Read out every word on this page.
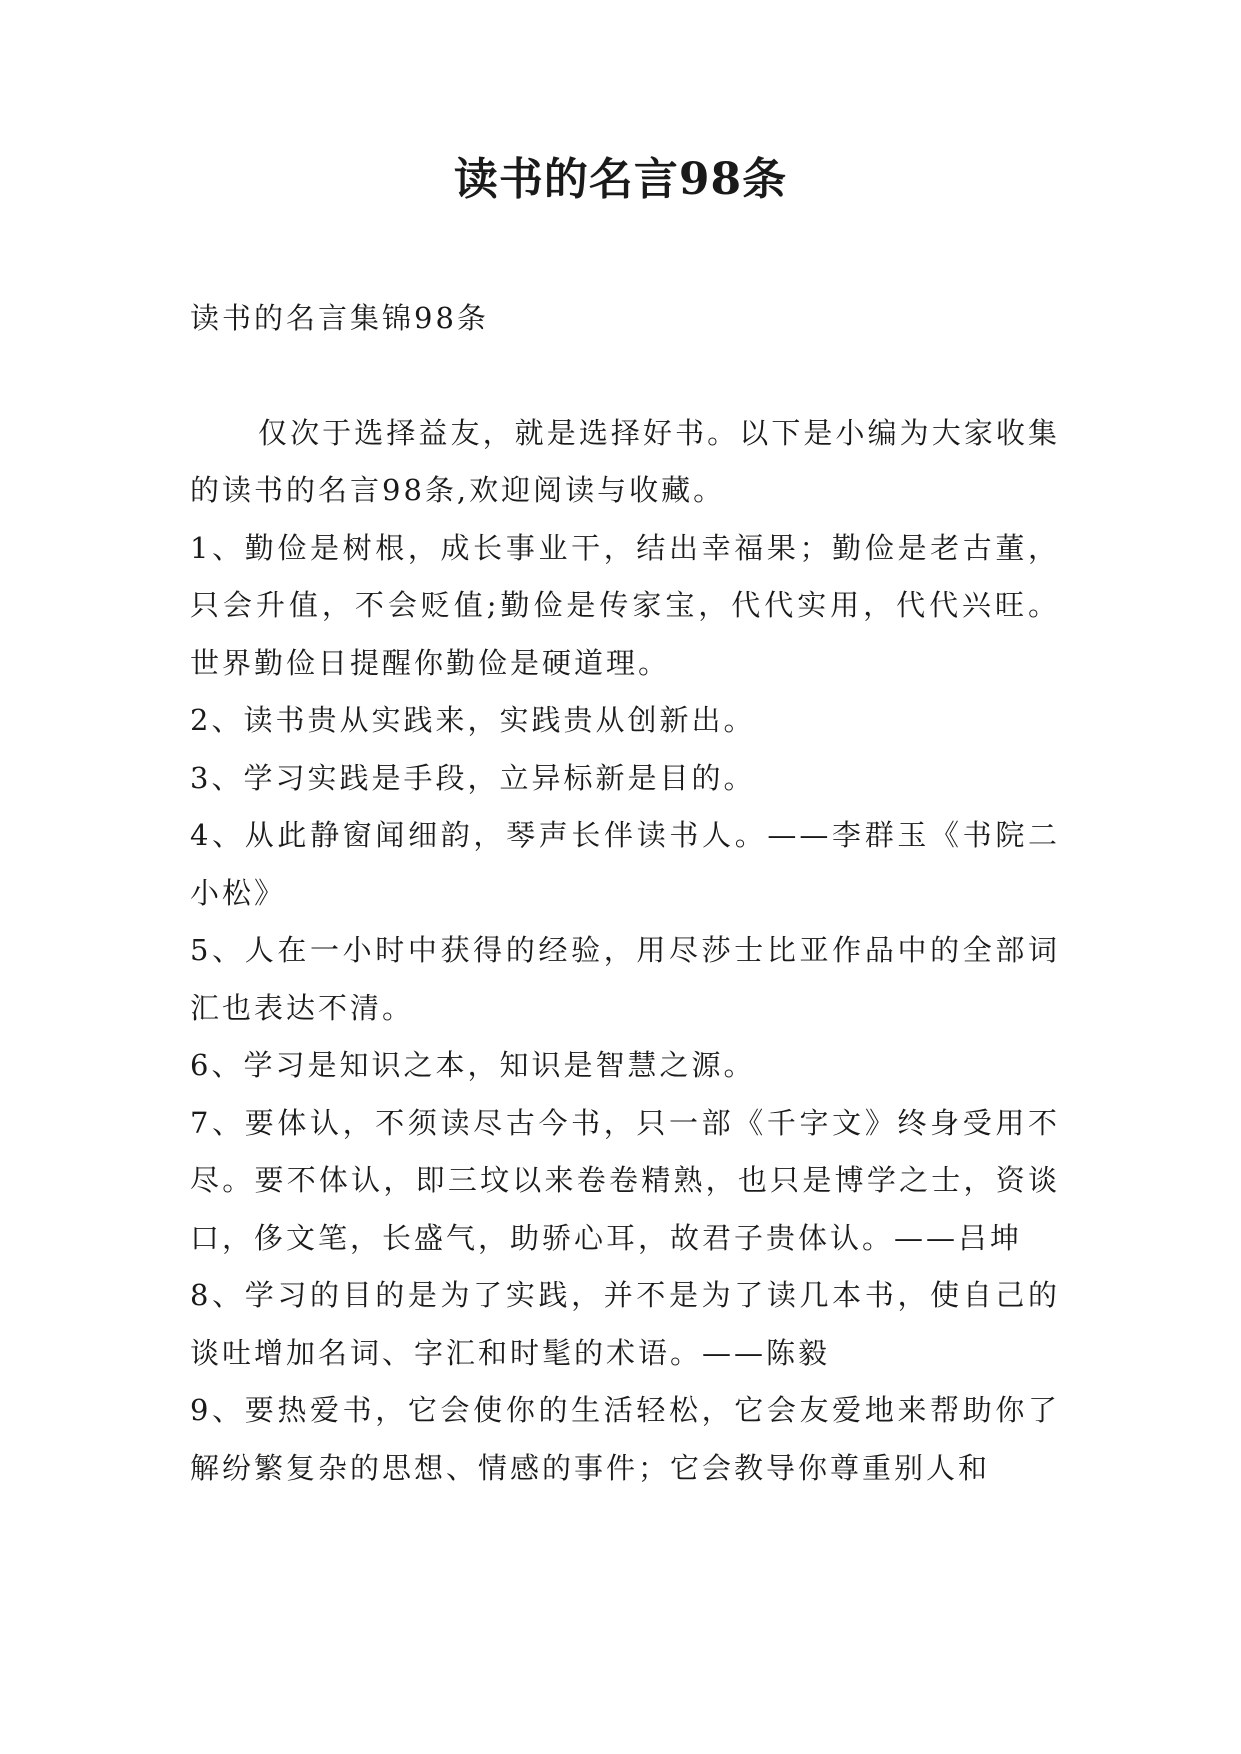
读书的名言98条

读书的名言集锦98条

仅次于选择益友，就是选择好书。以下是小编为大家收集的读书的名言98条,欢迎阅读与收藏。

1、勤俭是树根，成长事业干，结出幸福果；勤俭是老古董，只会升值，不会贬值;勤俭是传家宝，代代实用，代代兴旺。世界勤俭日提醒你勤俭是硬道理。

2、读书贵从实践来，实践贵从创新出。

3、学习实践是手段，立异标新是目的。

4、从此静窗闻细韵，琴声长伴读书人。——李群玉《书院二小松》

5、人在一小时中获得的经验，用尽莎士比亚作品中的全部词汇也表达不清。

6、学习是知识之本，知识是智慧之源。

7、要体认，不须读尽古今书，只一部《千字文》终身受用不尽。要不体认，即三坟以来卷卷精熟，也只是博学之士，资谈口，侈文笔，长盛气，助骄心耳，故君子贵体认。——吕坤

8、学习的目的是为了实践，并不是为了读几本书，使自己的谈吐增加名词、字汇和时髦的术语。——陈毅

9、要热爱书，它会使你的生活轻松，它会友爱地来帮助你了解纷繁复杂的思想、情感的事件；它会教导你尊重别人和
